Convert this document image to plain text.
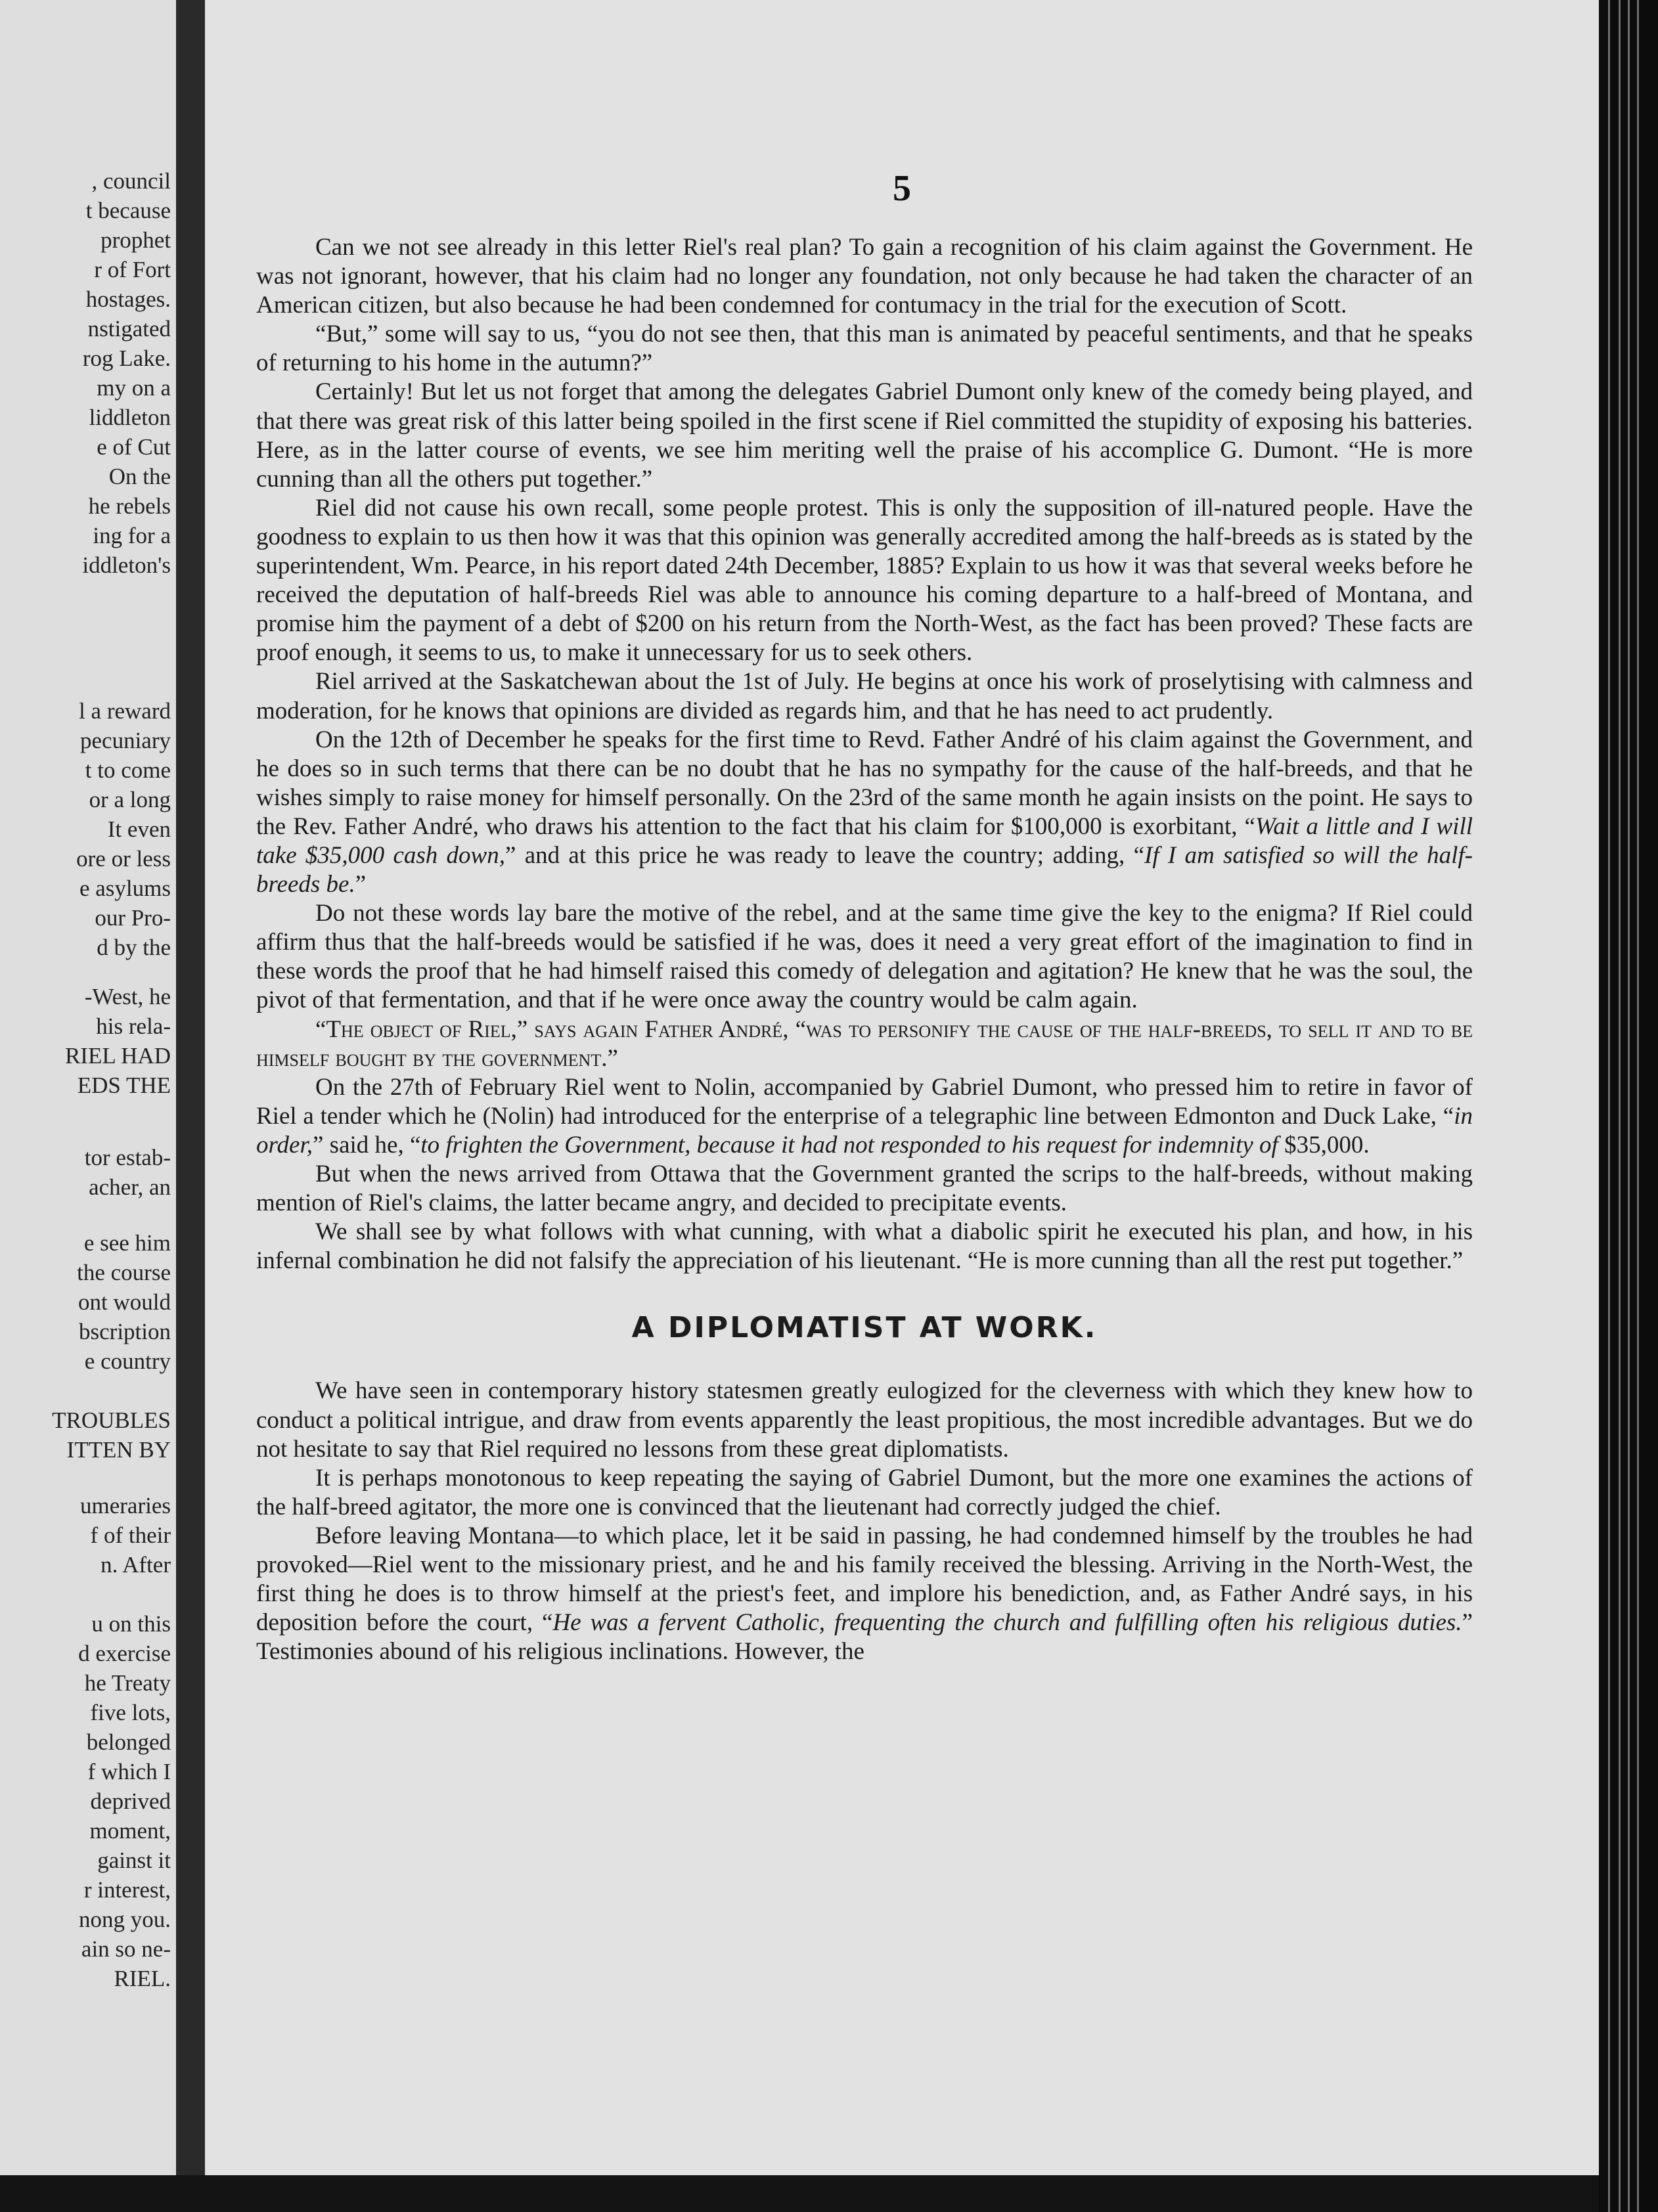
, council
t because
prophet
r of Fort
hostages.
nstigated
rog Lake.
my on a
liddleton
e of Cut
On the
he rebels
ing for a
iddleton's
l a reward
pecuniary
t to come
or a long
It even
ore or less
e asylums
our Pro-
d by the
-West, he
his rela-
RIEL HAD
EDS THE
tor estab-
acher, an
e see him
the course
ont would
bscription
e country
TROUBLES
ITTEN BY
umeraries
f of their
n. After
u on this
d exercise
he Treaty
five lots,
belonged
f which I
deprived
moment,
gainst it
r interest,
nong you.
ain so ne-
RIEL.
5

Can we not see already in this letter Riel's real plan? To gain a recognition of his claim against the Government. He was not ignorant, however, that his claim had no longer any foundation, not only because he had taken the character of an American citizen, but also because he had been condemned for contumacy in the trial for the execution of Scott.

“But,” some will say to us, “you do not see then, that this man is animated by peaceful sentiments, and that he speaks of returning to his home in the autumn?”

Certainly! But let us not forget that among the delegates Gabriel Dumont only knew of the comedy being played, and that there was great risk of this latter being spoiled in the first scene if Riel committed the stupidity of exposing his batteries. Here, as in the latter course of events, we see him meriting well the praise of his accomplice G. Dumont. “He is more cunning than all the others put together.”

Riel did not cause his own recall, some people protest. This is only the supposition of ill-natured people. Have the goodness to explain to us then how it was that this opinion was generally accredited among the half-breeds as is stated by the superintendent, Wm. Pearce, in his report dated 24th December, 1885? Explain to us how it was that several weeks before he received the deputation of half-breeds Riel was able to announce his coming departure to a half-breed of Montana, and promise him the payment of a debt of $200 on his return from the North-West, as the fact has been proved? These facts are proof enough, it seems to us, to make it unnecessary for us to seek others.

Riel arrived at the Saskatchewan about the 1st of July. He begins at once his work of proselytising with calmness and moderation, for he knows that opinions are divided as regards him, and that he has need to act prudently.

On the 12th of December he speaks for the first time to Revd. Father André of his claim against the Government, and he does so in such terms that there can be no doubt that he has no sympathy for the cause of the half-breeds, and that he wishes simply to raise money for himself personally. On the 23rd of the same month he again insists on the point. He says to the Rev. Father André, who draws his attention to the fact that his claim for $100,000 is exorbitant, “Wait a little and I will take $35,000 cash down,” and at this price he was ready to leave the country; adding, “If I am satisfied so will the half-breeds be.”

Do not these words lay bare the motive of the rebel, and at the same time give the key to the enigma? If Riel could affirm thus that the half-breeds would be satisfied if he was, does it need a very great effort of the imagination to find in these words the proof that he had himself raised this comedy of delegation and agitation? He knew that he was the soul, the pivot of that fermentation, and that if he were once away the country would be calm again.

“The object of Riel,” says again Father André, “was to personify the cause of the half-breeds, to sell it and to be himself bought by the government.”

On the 27th of February Riel went to Nolin, accompanied by Gabriel Dumont, who pressed him to retire in favor of Riel a tender which he (Nolin) had introduced for the enterprise of a telegraphic line between Edmonton and Duck Lake, “in order,” said he, “to frighten the Government, because it had not responded to his request for indemnity of $35,000.

But when the news arrived from Ottawa that the Government granted the scrips to the half-breeds, without making mention of Riel's claims, the latter became angry, and decided to precipitate events.

We shall see by what follows with what cunning, with what a diabolic spirit he executed his plan, and how, in his infernal combination he did not falsify the appreciation of his lieutenant. “He is more cunning than all the rest put together.”

A DIPLOMATIST AT WORK.

We have seen in contemporary history statesmen greatly eulogized for the cleverness with which they knew how to conduct a political intrigue, and draw from events apparently the least propitious, the most incredible advantages. But we do not hesitate to say that Riel required no lessons from these great diplomatists.

It is perhaps monotonous to keep repeating the saying of Gabriel Dumont, but the more one examines the actions of the half-breed agitator, the more one is convinced that the lieutenant had correctly judged the chief.

Before leaving Montana—to which place, let it be said in passing, he had condemned himself by the troubles he had provoked—Riel went to the missionary priest, and he and his family received the blessing. Arriving in the North-West, the first thing he does is to throw himself at the priest's feet, and implore his benediction, and, as Father André says, in his deposition before the court, “He was a fervent Catholic, frequenting the church and fulfilling often his religious duties.” Testimonies abound of his religious inclinations. However, the
